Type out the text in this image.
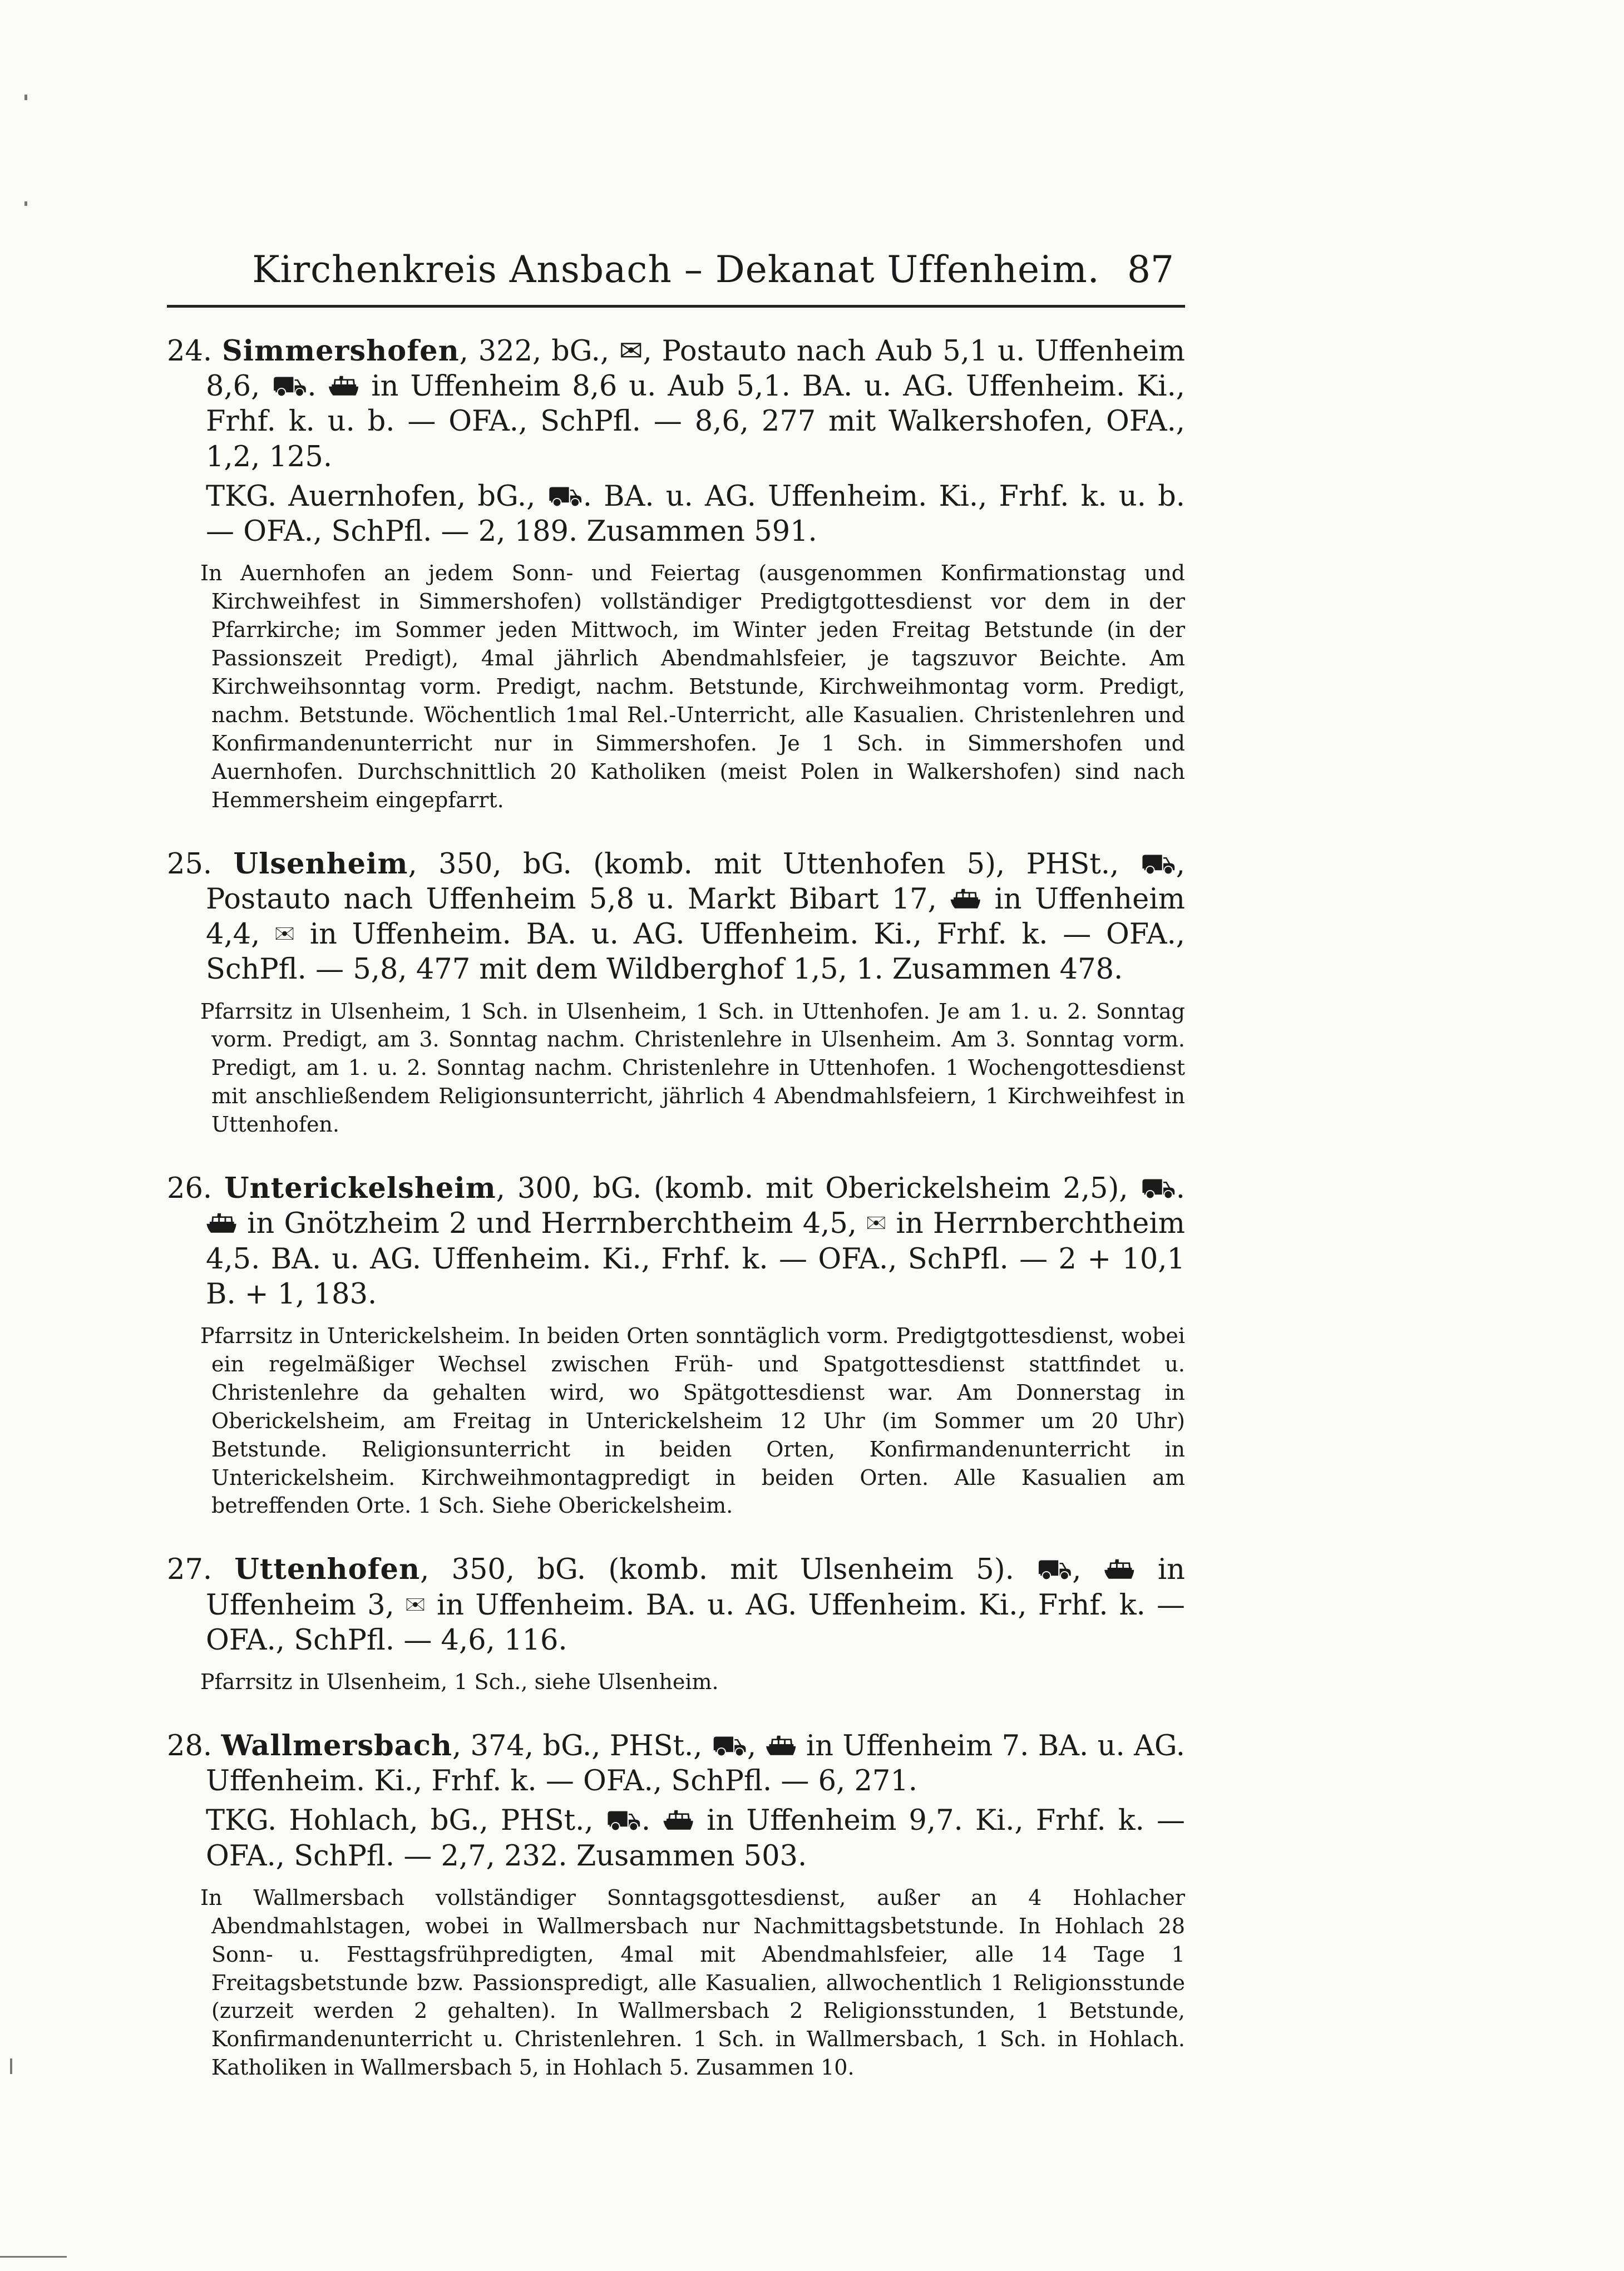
Kirchenkreis Ansbach – Dekanat Uffenheim. 87

24. Simmershofen, 322, bG., ✉, Postauto nach Aub 5,1 u. Uffenheim 8,6, ⛟. ⛴ in Uffenheim 8,6 u. Aub 5,1. BA. u. AG. Uffenheim. Ki., Frhf. k. u. b. — OFA., SchPfl. — 8,6, 277 mit Walkershofen, OFA., 1,2, 125.

TKG. Auernhofen, bG., ⛟. BA. u. AG. Uffenheim. Ki., Frhf. k. u. b. — OFA., SchPfl. — 2, 189. Zusammen 591.

In Auernhofen an jedem Sonn- und Feiertag (ausgenommen Konfirmationstag und Kirchweihfest in Simmershofen) vollständiger Predigtgottesdienst vor dem in der Pfarrkirche; im Sommer jeden Mittwoch, im Winter jeden Freitag Betstunde (in der Passionszeit Predigt), 4mal jährlich Abendmahlsfeier, je tagszuvor Beichte. Am Kirchweihsonntag vorm. Predigt, nachm. Betstunde, Kirchweihmontag vorm. Predigt, nachm. Betstunde. Wöchentlich 1mal Rel.-Unterricht, alle Kasualien. Christenlehren und Konfirmandenunterricht nur in Simmershofen. Je 1 Sch. in Simmershofen und Auernhofen. Durchschnittlich 20 Katholiken (meist Polen in Walkershofen) sind nach Hemmersheim eingepfarrt.

25. Ulsenheim, 350, bG. (komb. mit Uttenhofen 5), PHSt., ⛟, Postauto nach Uffenheim 5,8 u. Markt Bibart 17, ⛴ in Uffenheim 4,4, ✉ in Uffenheim. BA. u. AG. Uffenheim. Ki., Frhf. k. — OFA., SchPfl. — 5,8, 477 mit dem Wildberghof 1,5, 1. Zusammen 478.

Pfarrsitz in Ulsenheim, 1 Sch. in Ulsenheim, 1 Sch. in Uttenhofen. Je am 1. u. 2. Sonntag vorm. Predigt, am 3. Sonntag nachm. Christenlehre in Ulsenheim. Am 3. Sonntag vorm. Predigt, am 1. u. 2. Sonntag nachm. Christenlehre in Uttenhofen. 1 Wochengottesdienst mit anschließendem Religionsunterricht, jährlich 4 Abendmahlsfeiern, 1 Kirchweihfest in Uttenhofen.

26. Unterickelsheim, 300, bG. (komb. mit Oberickelsheim 2,5), ⛟. ⛴ in Gnötzheim 2 und Herrnberchtheim 4,5, ✉ in Herrnberchtheim 4,5. BA. u. AG. Uffenheim. Ki., Frhf. k. — OFA., SchPfl. — 2 + 10,1 B. + 1, 183.

Pfarrsitz in Unterickelsheim. In beiden Orten sonntäglich vorm. Predigtgottesdienst, wobei ein regelmäßiger Wechsel zwischen Früh- und Spatgottesdienst stattfindet u. Christenlehre da gehalten wird, wo Spätgottesdienst war. Am Donnerstag in Oberickelsheim, am Freitag in Unterickelsheim 12 Uhr (im Sommer um 20 Uhr) Betstunde. Religionsunterricht in beiden Orten, Konfirmandenunterricht in Unterickelsheim. Kirchweihmontagpredigt in beiden Orten. Alle Kasualien am betreffenden Orte. 1 Sch. Siehe Oberickelsheim.

27. Uttenhofen, 350, bG. (komb. mit Ulsenheim 5). ⛟, ⛴ in Uffenheim 3, ✉ in Uffenheim. BA. u. AG. Uffenheim. Ki., Frhf. k. —OFA., SchPfl. — 4,6, 116.

Pfarrsitz in Ulsenheim, 1 Sch., siehe Ulsenheim.

28. Wallmersbach, 374, bG., PHSt., ⛟, ⛴ in Uffenheim 7. BA. u. AG. Uffenheim. Ki., Frhf. k. — OFA., SchPfl. — 6, 271.

TKG. Hohlach, bG., PHSt., ⛟. ⛴ in Uffenheim 9,7. Ki., Frhf. k. — OFA., SchPfl. — 2,7, 232. Zusammen 503.

In Wallmersbach vollständiger Sonntagsgottesdienst, außer an 4 Hohlacher Abendmahlstagen, wobei in Wallmersbach nur Nachmittagsbetstunde. In Hohlach 28 Sonn- u. Festtagsfrühpredigten, 4mal mit Abendmahlsfeier, alle 14 Tage 1 Freitagsbetstunde bzw. Passionspredigt, alle Kasualien, allwochentlich 1 Religionsstunde (zurzeit werden 2 gehalten). In Wallmersbach 2 Religionsstunden, 1 Betstunde, Konfirmandenunterricht u. Christenlehren. 1 Sch. in Wallmersbach, 1 Sch. in Hohlach. Katholiken in Wallmersbach 5, in Hohlach 5. Zusammen 10.
